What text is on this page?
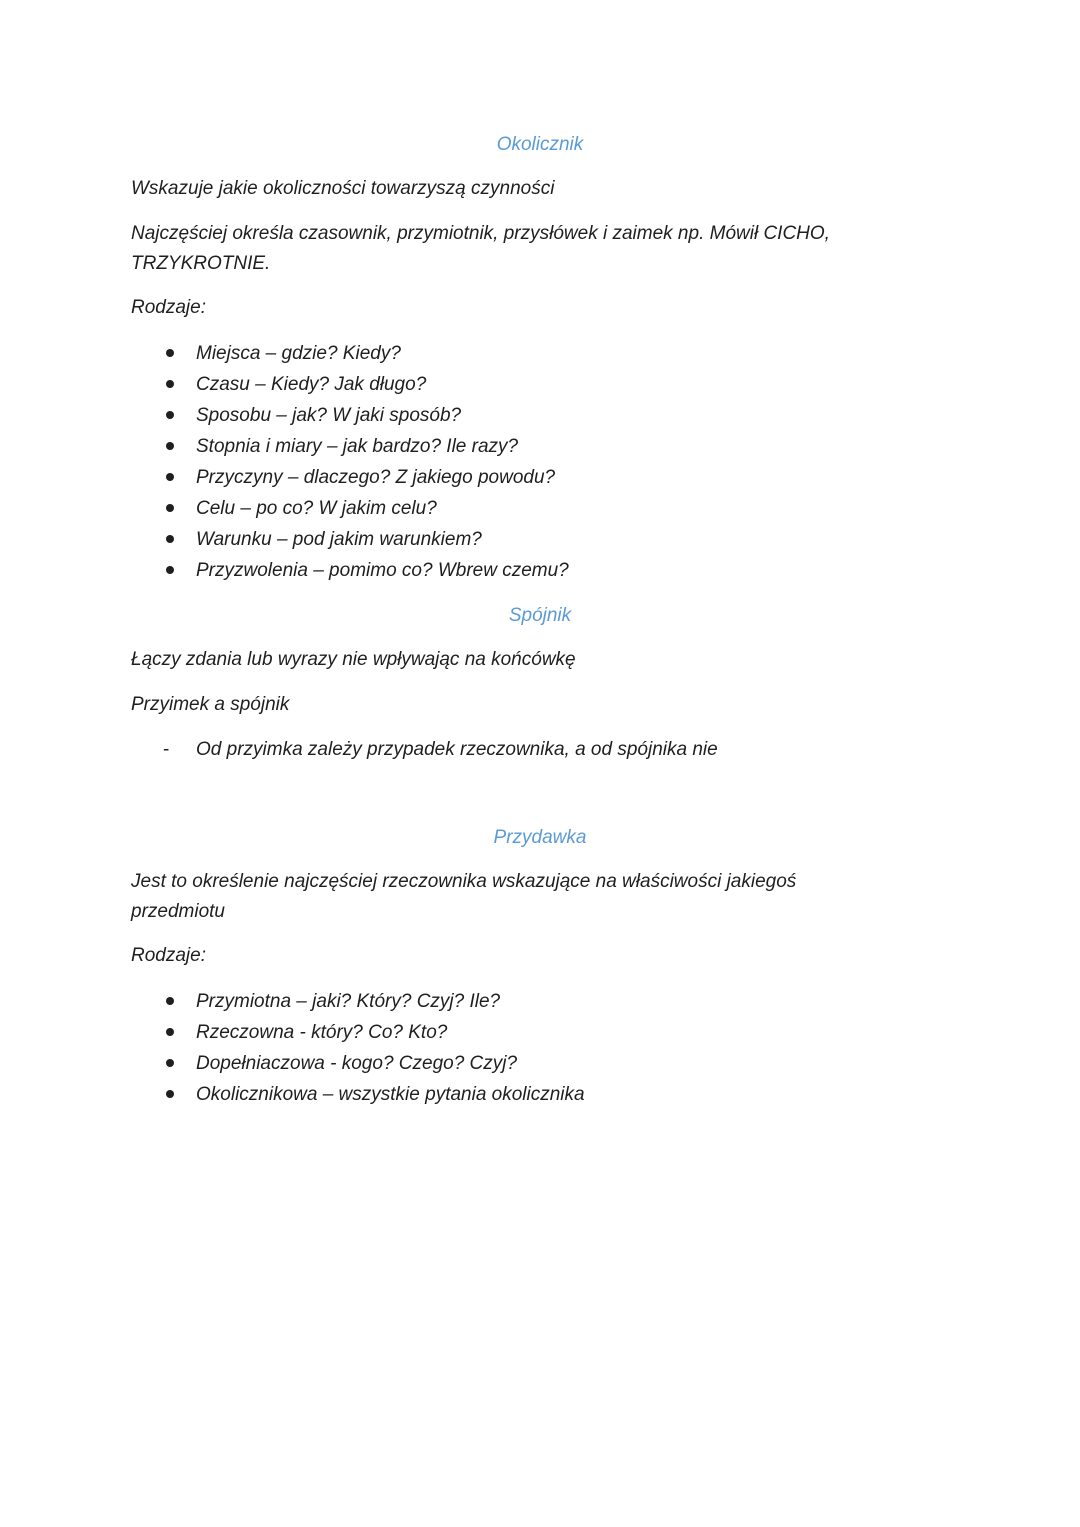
Okolicznik

Wskazuje jakie okoliczności towarzyszą czynności

Najczęściej określa czasownik, przymiotnik, przysłówek i zaimek np. Mówił CICHO,

TRZYKROTNIE.

Rodzaje:

Miejsca – gdzie? Kiedy?
Czasu – Kiedy? Jak długo?
Sposobu – jak? W jaki sposób?
Stopnia i miary – jak bardzo? Ile razy?
Przyczyny – dlaczego? Z jakiego powodu?
Celu – po co? W jakim celu?
Warunku – pod jakim warunkiem?
Przyzwolenia – pomimo co? Wbrew czemu?
Spójnik

Łączy zdania lub wyrazy nie wpływając na końcówkę

Przyimek a spójnik

- Od przyimka zależy przypadek rzeczownika, a od spójnika nie
Przydawka

Jest to określenie najczęściej rzeczownika wskazujące na właściwości jakiegoś

przedmiotu

Rodzaje:

Przymiotna – jaki? Który? Czyj? Ile?
Rzeczowna - który? Co? Kto?
Dopełniaczowa - kogo? Czego? Czyj?
Okolicznikowa – wszystkie pytania okolicznika
